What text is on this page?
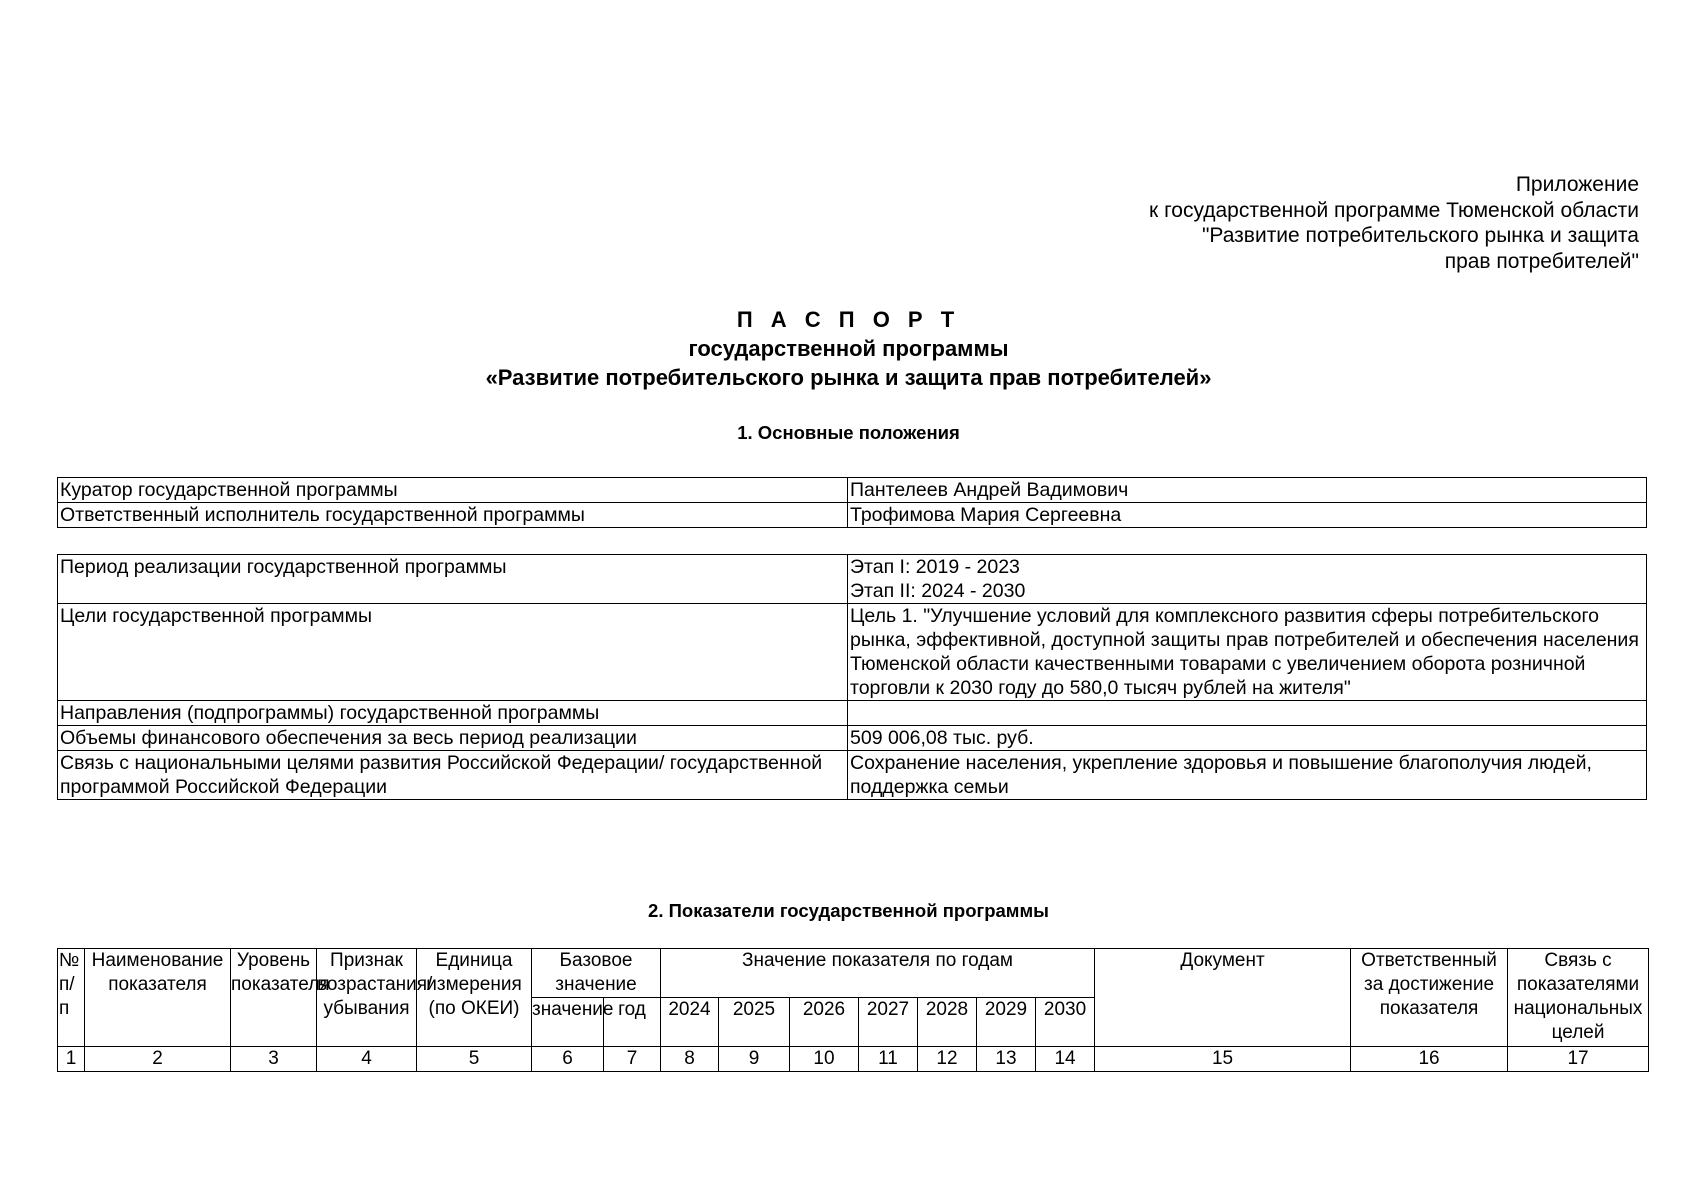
Приложение
к государственной программе Тюменской области
"Развитие потребительского рынка и защита
прав потребителей"
П А С П О Р Т
государственной программы
«Развитие потребительского рынка и защита прав потребителей»
1. Основные положения
Куратор государственной программы	Пантелеев Андрей Вадимович
Ответственный исполнитель государственной программы	Трофимова Мария Сергеевна
Период реализации государственной программы	Этап I: 2019 - 2023
Этап II: 2024 - 2030

Цели государственной программы	Цель 1. "Улучшение условий для комплексного развития сферы потребительского рынка, эффективной, доступной защиты прав потребителей и обеспечения населения Тюменской области качественными товарами с увеличением оборота розничной торговли к 2030 году до 580,0 тысяч рублей на жителя"
Направления (подпрограммы) государственной программы	
Объемы финансового обеспечения за весь период реализации	509 006,08 тыс. руб.
Связь с национальными целями развития Российской Федерации/ государственной программой Российской Федерации	Сохранение населения, укрепление здоровья и повышение благополучия людей, поддержка семьи
2. Показатели государственной программы
№ п/п	Наименование показателя	Уровень показателя	Признак возрастания/ убывания	Единица измерения (по ОКЕИ)	Базовое значение		Значение показателя по годам							Документ	Ответственный за достижение показателя	Связь с показателями национальных целей
					значение	год	2024	2025	2026	2027	2028	2029	2030			
1	2	3	4	5	6	7	8	9	10	11	12	13	14	15	16	17
